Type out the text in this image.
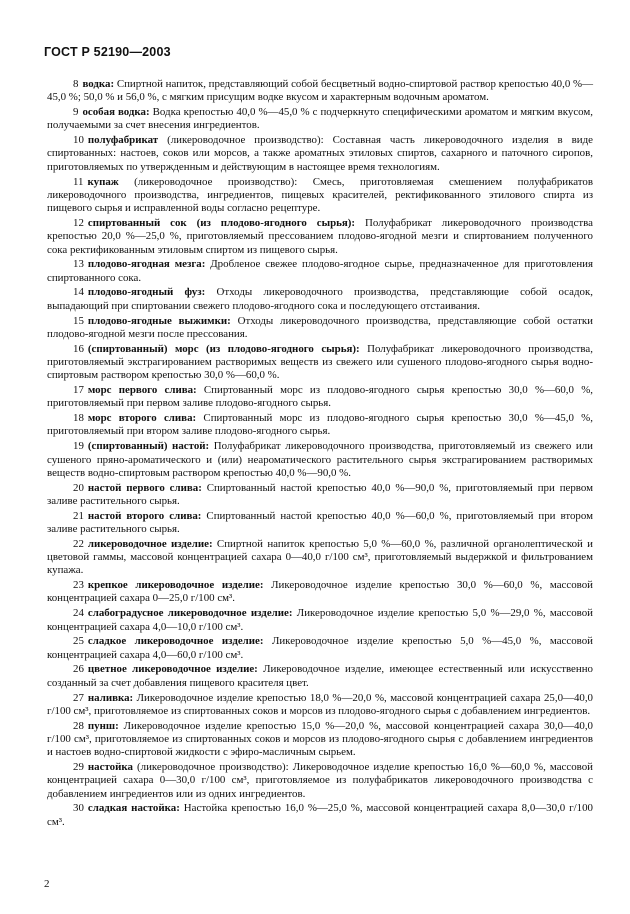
ГОСТ Р 52190—2003

8 водка: Спиртной напиток, представляющий собой бесцветный водно-спиртовой раствор крепостью 40,0 %—45,0 %; 50,0 % и 56,0 %, с мягким присущим водке вкусом и характерным водочным ароматом.

9 особая водка: Водка крепостью 40,0 %—45,0 % с подчеркнуто специфическими ароматом и мягким вкусом, получаемыми за счет внесения ингредиентов.

10 полуфабрикат (ликероводочное производство): Составная часть ликероводочного изделия в виде спиртованных: настоев, соков или морсов, а также ароматных этиловых спиртов, сахарного и паточного сиропов, приготовляемых по утвержденным и действующим в настоящее время технологиям.

11 купаж (ликероводочное производство): Смесь, приготовляемая смешением полуфабрикатов ликероводочного производства, ингредиентов, пищевых красителей, ректификованного этилового спирта из пищевого сырья и исправленной воды согласно рецептуре.

12 спиртованный сок (из плодово-ягодного сырья): Полуфабрикат ликероводочного производства крепостью 20,0 %—25,0 %, приготовляемый прессованием плодово-ягодной мезги и спиртованием полученного сока ректификованным этиловым спиртом из пищевого сырья.

13 плодово-ягодная мезга: Дробленое свежее плодово-ягодное сырье, предназначенное для приготовления спиртованного сока.

14 плодово-ягодный фуз: Отходы ликероводочного производства, представляющие собой осадок, выпадающий при спиртовании свежего плодово-ягодного сока и последующего отстаивания.

15 плодово-ягодные выжимки: Отходы ликероводочного производства, представляющие собой остатки плодово-ягодной мезги после прессования.

16 (спиртованный) морс (из плодово-ягодного сырья): Полуфабрикат ликероводочного производства, приготовляемый экстрагированием растворимых веществ из свежего или сушеного плодово-ягодного сырья водно-спиртовым раствором крепостью 30,0 %—60,0 %.

17 морс первого слива: Спиртованный морс из плодово-ягодного сырья крепостью 30,0 %—60,0 %, приготовляемый при первом заливе плодово-ягодного сырья.

18 морс второго слива: Спиртованный морс из плодово-ягодного сырья крепостью 30,0 %—45,0 %, приготовляемый при втором заливе плодово-ягодного сырья.

19 (спиртованный) настой: Полуфабрикат ликероводочного производства, приготовляемый из свежего или сушеного пряно-ароматического и (или) неароматического растительного сырья экстрагированием растворимых веществ водно-спиртовым раствором крепостью 40,0 %—90,0 %.

20 настой первого слива: Спиртованный настой крепостью 40,0 %—90,0 %, приготовляемый при первом заливе растительного сырья.

21 настой второго слива: Спиртованный настой крепостью 40,0 %—60,0 %, приготовляемый при втором заливе растительного сырья.

22 ликероводочное изделие: Спиртной напиток крепостью 5,0 %—60,0 %, различной органолептической и цветовой гаммы, массовой концентрацией сахара 0—40,0 г/100 см³, приготовляемый выдержкой и фильтрованием купажа.

23 крепкое ликероводочное изделие: Ликероводочное изделие крепостью 30,0 %—60,0 %, массовой концентрацией сахара 0—25,0 г/100 см³.

24 слабоградусное ликероводочное изделие: Ликероводочное изделие крепостью 5,0 %—29,0 %, массовой концентрацией сахара 4,0—10,0 г/100 см³.

25 сладкое ликероводочное изделие: Ликероводочное изделие крепостью 5,0 %—45,0 %, массовой концентрацией сахара 4,0—60,0 г/100 см³.

26 цветное ликероводочное изделие: Ликероводочное изделие, имеющее естественный или искусственно созданный за счет добавления пищевого красителя цвет.

27 наливка: Ликероводочное изделие крепостью 18,0 %—20,0 %, массовой концентрацией сахара 25,0—40,0 г/100 см³, приготовляемое из спиртованных соков и морсов из плодово-ягодного сырья с добавлением ингредиентов.

28 пунш: Ликероводочное изделие крепостью 15,0 %—20,0 %, массовой концентрацией сахара 30,0—40,0 г/100 см³, приготовляемое из спиртованных соков и морсов из плодово-ягодного сырья с добавлением ингредиентов и настоев водно-спиртовой жидкости с эфиро-масличным сырьем.

29 настойка (ликероводочное производство): Ликероводочное изделие крепостью 16,0 %—60,0 %, массовой концентрацией сахара 0—30,0 г/100 см³, приготовляемое из полуфабрикатов ликероводочного производства с добавлением ингредиентов или из одних ингредиентов.

30 сладкая настойка: Настойка крепостью 16,0 %—25,0 %, массовой концентрацией сахара 8,0—30,0 г/100 см³.

2
